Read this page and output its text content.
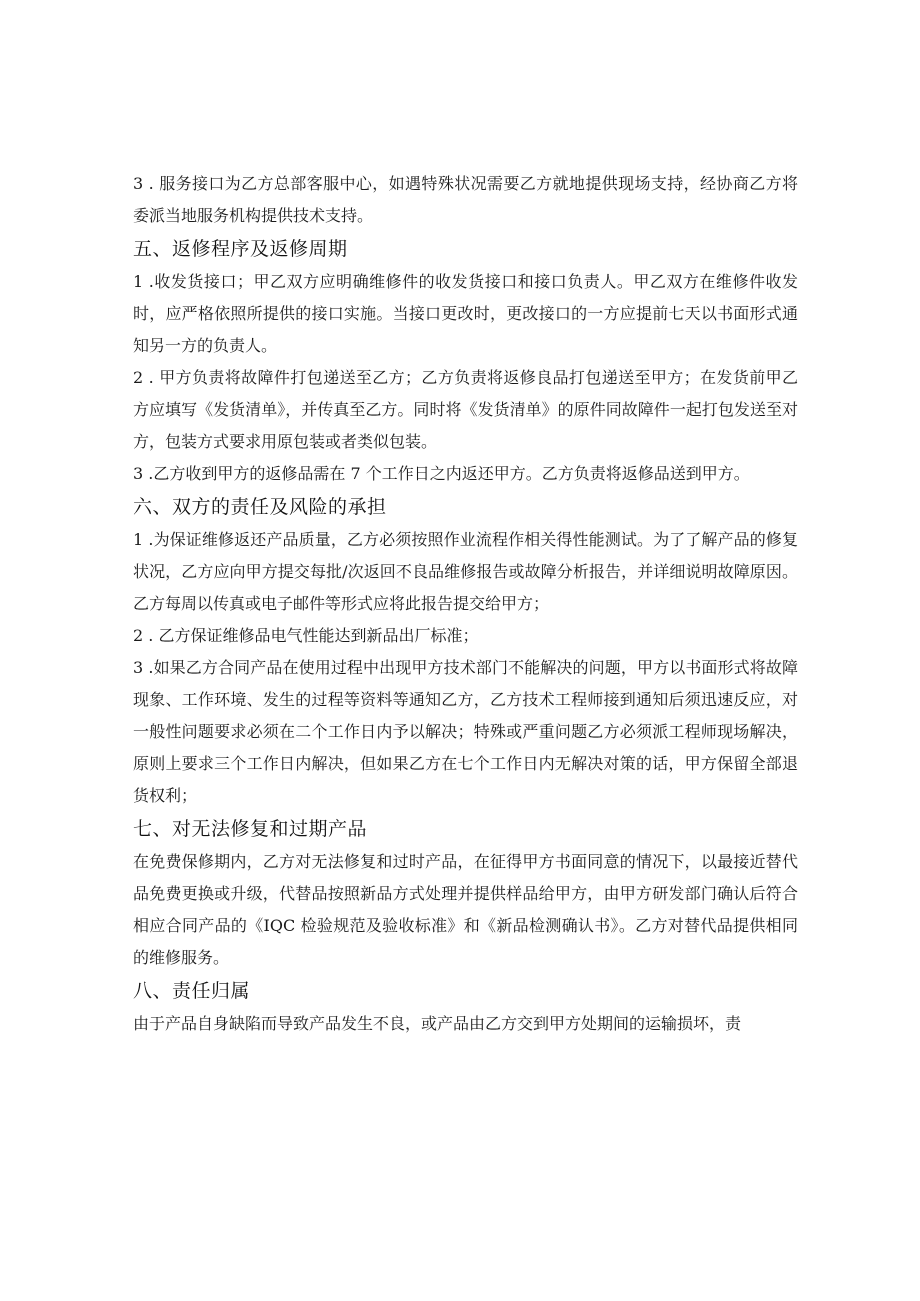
3 . 服务接口为乙方总部客服中心，如遇特殊状况需要乙方就地提供现场支持，经协商乙方将委派当地服务机构提供技术支持。

五、返修程序及返修周期

1 .收发货接口；甲乙双方应明确维修件的收发货接口和接口负责人。甲乙双方在维修件收发时，应严格依照所提供的接口实施。当接口更改时，更改接口的一方应提前七天以书面形式通知另一方的负责人。

2 . 甲方负责将故障件打包递送至乙方；乙方负责将返修良品打包递送至甲方；在发货前甲乙方应填写《发货清单》，并传真至乙方。同时将《发货清单》的原件同故障件一起打包发送至对方，包装方式要求用原包装或者类似包装。

3 .乙方收到甲方的返修品需在 7 个工作日之内返还甲方。乙方负责将返修品送到甲方。

六、双方的责任及风险的承担

1 .为保证维修返还产品质量，乙方必须按照作业流程作相关得性能测试。为了了解产品的修复状况，乙方应向甲方提交每批/次返回不良品维修报告或故障分析报告，并详细说明故障原因。乙方每周以传真或电子邮件等形式应将此报告提交给甲方；

2 . 乙方保证维修品电气性能达到新品出厂标准；

3 .如果乙方合同产品在使用过程中出现甲方技术部门不能解决的问题，甲方以书面形式将故障现象、工作环境、发生的过程等资料等通知乙方，乙方技术工程师接到通知后须迅速反应，对一般性问题要求必须在二个工作日内予以解决；特殊或严重问题乙方必须派工程师现场解决，原则上要求三个工作日内解决，但如果乙方在七个工作日内无解决对策的话，甲方保留全部退货权利；

七、对无法修复和过期产品

在免费保修期内，乙方对无法修复和过时产品，在征得甲方书面同意的情况下，以最接近替代品免费更换或升级，代替品按照新品方式处理并提供样品给甲方，由甲方研发部门确认后符合相应合同产品的《IQC 检验规范及验收标准》和《新品检测确认书》。乙方对替代品提供相同的维修服务。

八、责任归属

由于产品自身缺陷而导致产品发生不良，或产品由乙方交到甲方处期间的运输损坏，责
